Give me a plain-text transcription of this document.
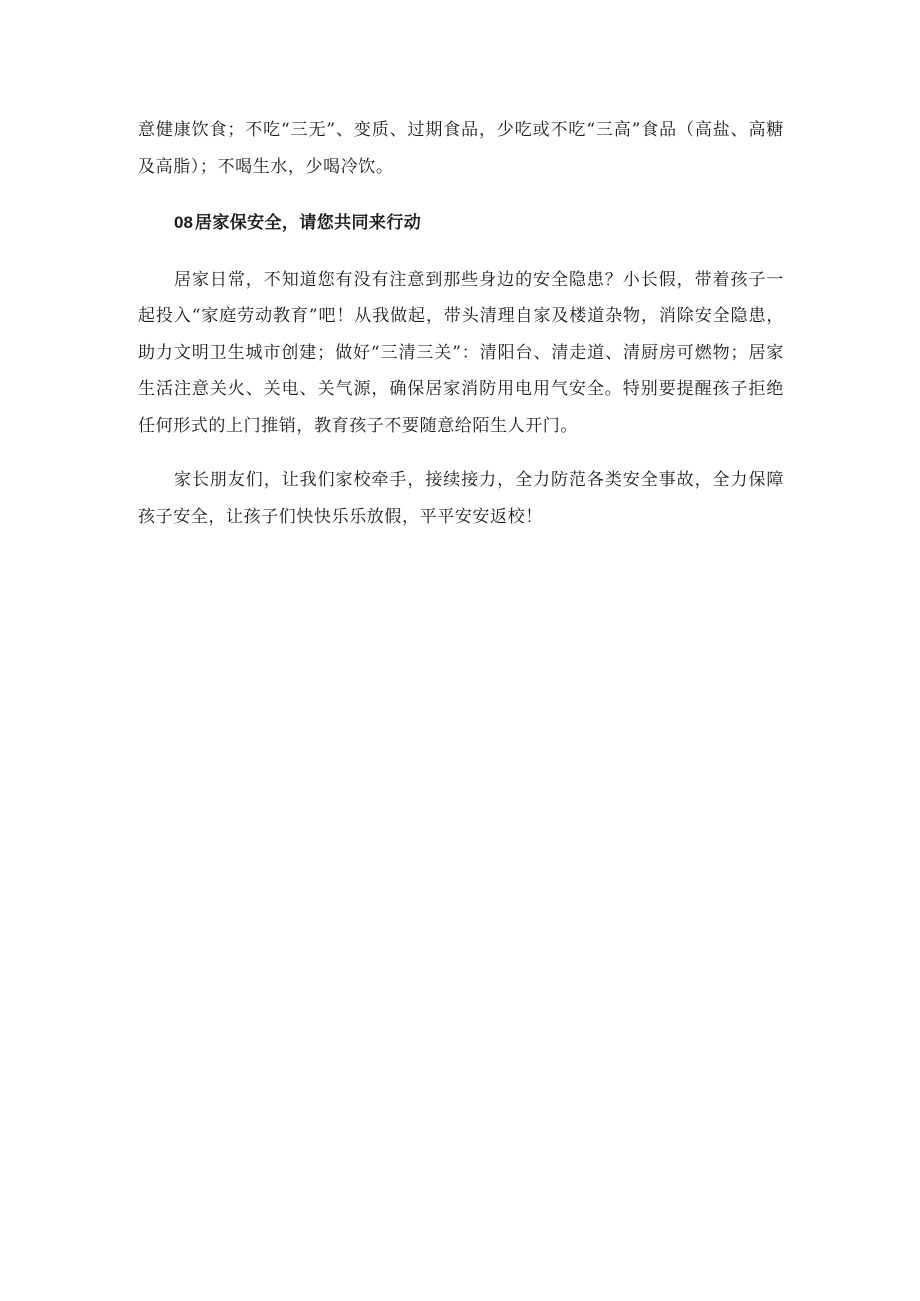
意健康饮食；不吃“三无”、变质、过期食品，少吃或不吃“三高”食品（高盐、高糖及高脂）；不喝生水，少喝冷饮。

08 居家保安全，请您共同来行动

居家日常，不知道您有没有注意到那些身边的安全隐患？小长假，带着孩子一起投入“家庭劳动教育”吧！从我做起，带头清理自家及楼道杂物，消除安全隐患，助力文明卫生城市创建；做好“三清三关”：清阳台、清走道、清厨房可燃物；居家生活注意关火、关电、关气源，确保居家消防用电用气安全。特别要提醒孩子拒绝任何形式的上门推销，教育孩子不要随意给陌生人开门。

家长朋友们，让我们家校牵手，接续接力，全力防范各类安全事故，全力保障孩子安全，让孩子们快快乐乐放假，平平安安返校！
